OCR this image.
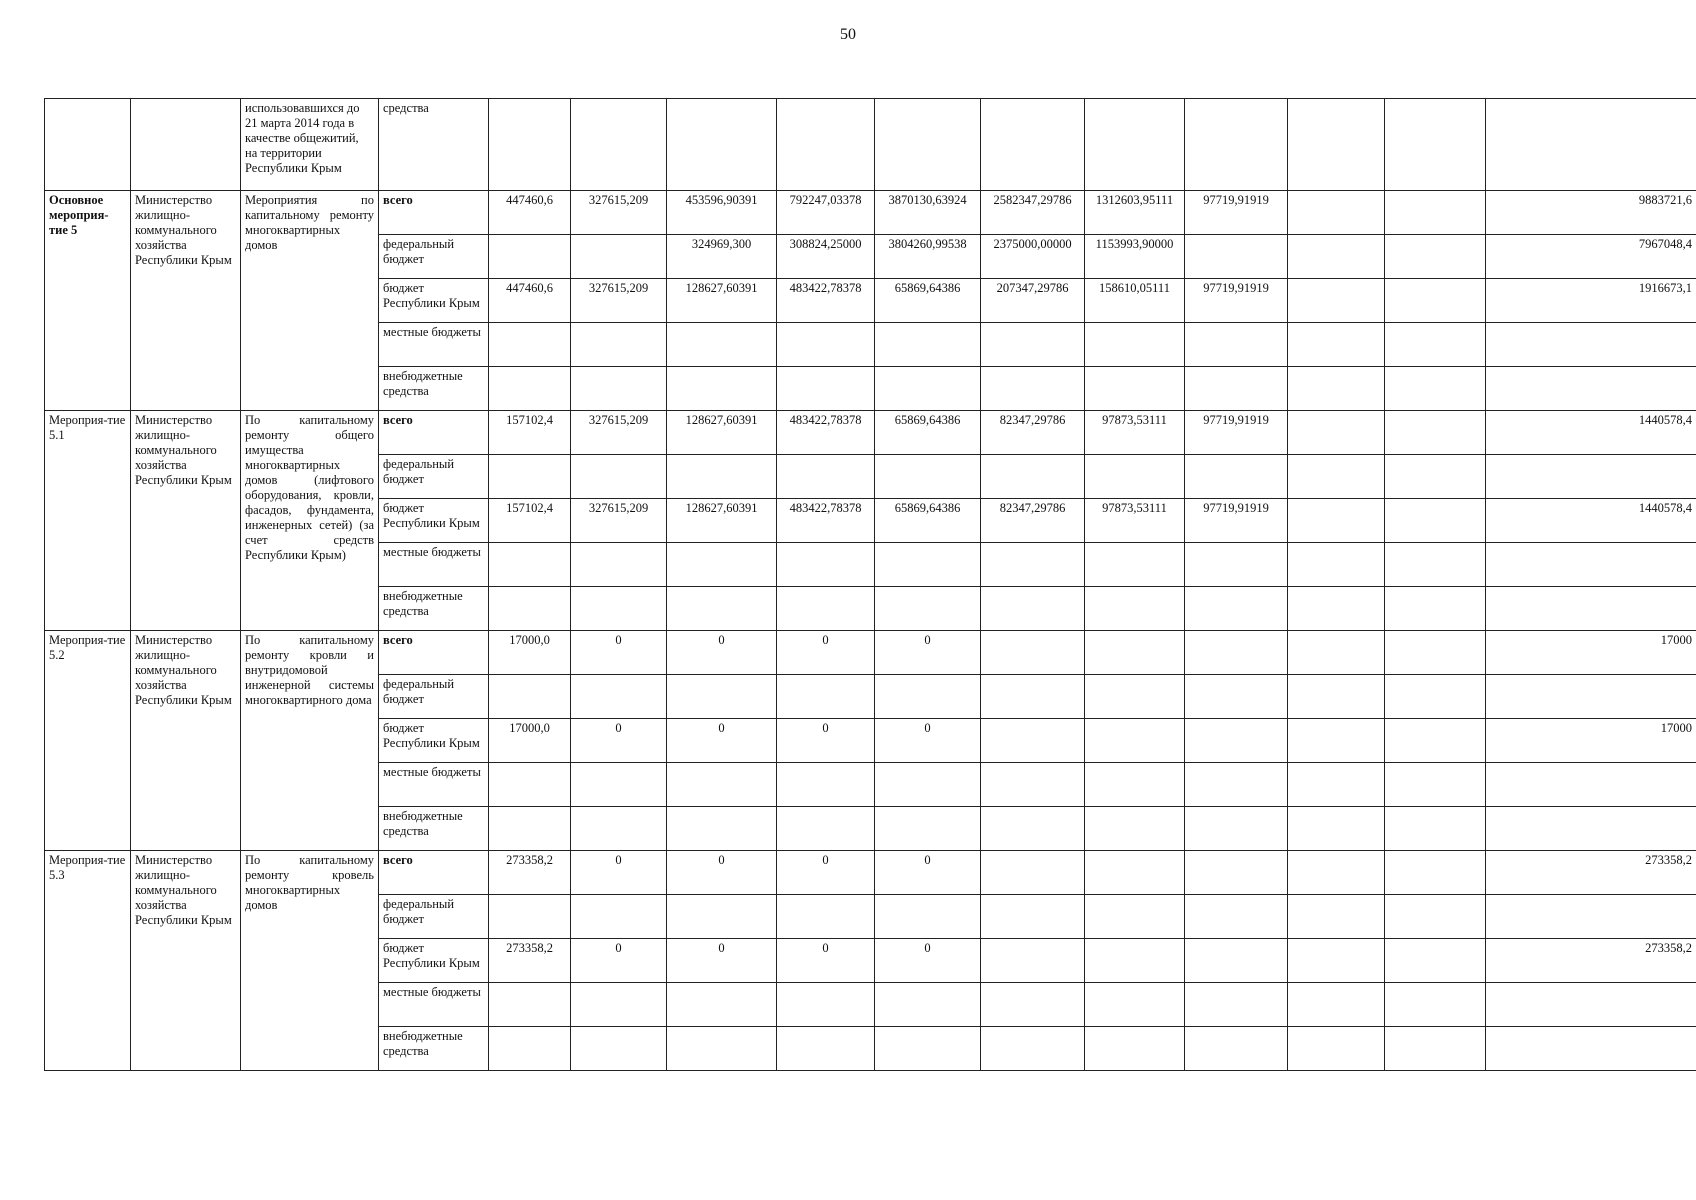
50
		использовавшихся до 21 марта 2014 года в качестве общежитий, на территории Республики Крым	средства											
Основное мероприя-тие 5	Министерство жилищно-коммунального хозяйства Республики Крым	Мероприятия по капитальному ремонту многоквартирных домов	всего	447460,6	327615,209	453596,90391	792247,03378	3870130,63924	2582347,29786	1312603,95111	97719,91919			9883721,6
			федеральный бюджет			324969,300	308824,25000	3804260,99538	2375000,00000	1153993,90000				7967048,4
			бюджет Республики Крым	447460,6	327615,209	128627,60391	483422,78378	65869,64386	207347,29786	158610,05111	97719,91919			1916673,1
			местные бюджеты											
			внебюджетные средства											
Мероприя-тие 5.1	Министерство жилищно-коммунального хозяйства Республики Крым	По капитальному ремонту общего имущества многоквартирных домов (лифтового оборудования, кровли, фасадов, фундамента, инженерных сетей) (за счет средств Республики Крым)	всего	157102,4	327615,209	128627,60391	483422,78378	65869,64386	82347,29786	97873,53111	97719,91919			1440578,4
			федеральный бюджет											
			бюджет Республики Крым	157102,4	327615,209	128627,60391	483422,78378	65869,64386	82347,29786	97873,53111	97719,91919			1440578,4
			местные бюджеты											
			внебюджетные средства											
Мероприя-тие 5.2	Министерство жилищно-коммунального хозяйства Республики Крым	По капитальному ремонту кровли и внутридомовой инженерной системы многоквартирного дома	всего	17000,0	0	0	0	0						17000
			федеральный бюджет											
			бюджет Республики Крым	17000,0	0	0	0	0						17000
			местные бюджеты											
			внебюджетные средства											
Мероприя-тие 5.3	Министерство жилищно-коммунального хозяйства Республики Крым	По капитальному ремонту кровель многоквартирных домов	всего	273358,2	0	0	0	0						273358,2
			федеральный бюджет											
			бюджет Республики Крым	273358,2	0	0	0	0						273358,2
			местные бюджеты											
			внебюджетные средства											
